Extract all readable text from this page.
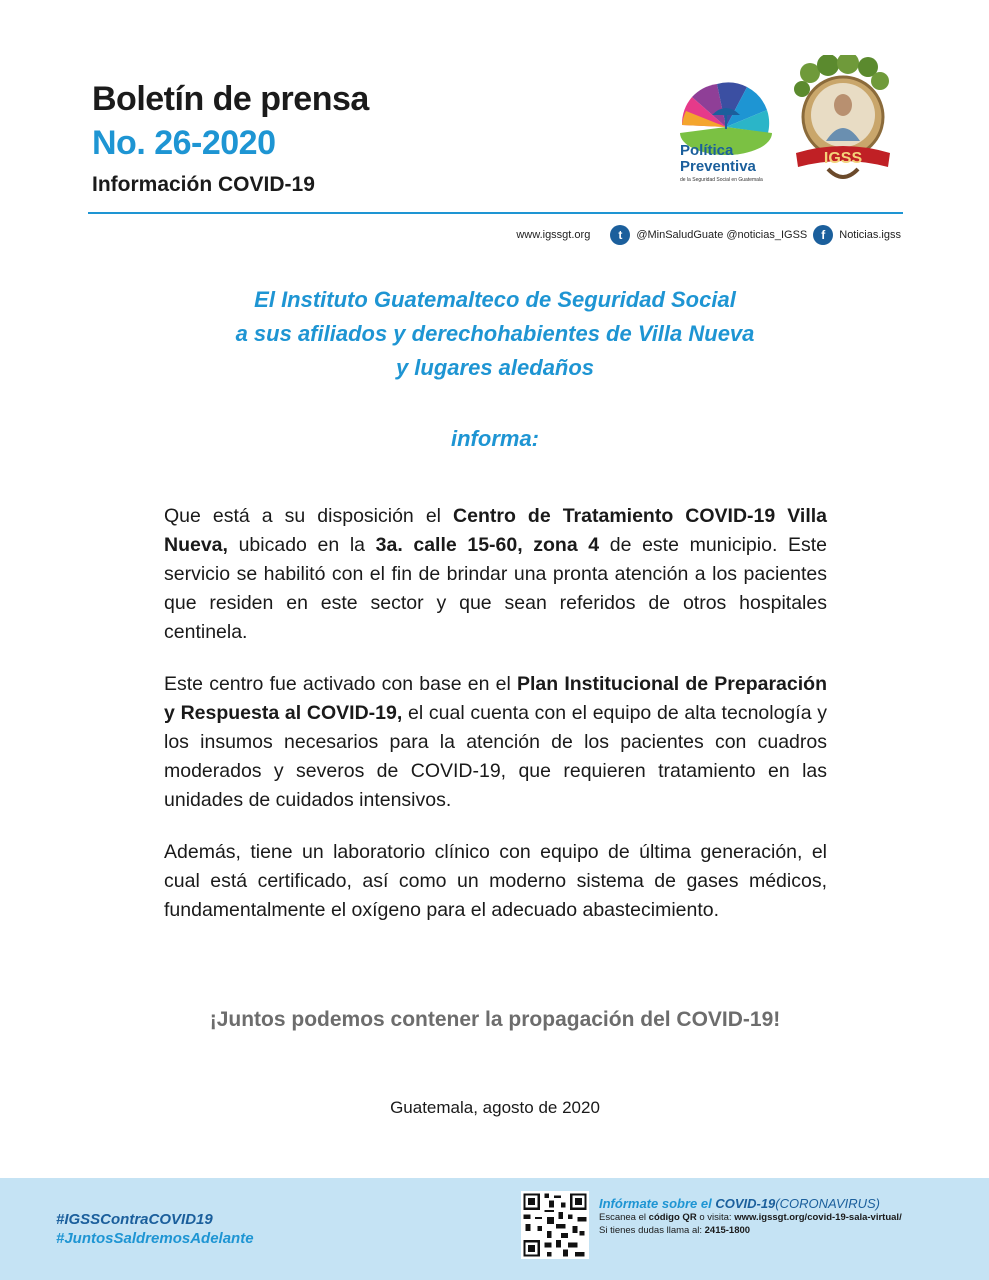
Boletín de prensa
No. 26-2020
Información COVID-19
Política
Preventiva
de la Seguridad Social en Guatemala
IGSS
www.igssgt.org	t	@MinSaludGuate @noticias_IGSS	f	Noticias.igss
El Instituto Guatemalteco de Seguridad Social
a sus afiliados y derechohabientes de Villa Nueva
y lugares aledaños
informa:
Que está a su disposición el Centro de Tratamiento COVID-19 Villa Nueva, ubicado en la 3a. calle 15-60, zona 4 de este municipio. Este servicio se habilitó con el fin de brindar una pronta atención a los pacientes que residen en este sector y que sean referidos de otros hospitales centinela.
Este centro fue activado con base en el Plan Institucional de Preparación y Respuesta al COVID-19, el cual cuenta con el equipo de alta tecnología y los insumos necesarios para la atención de los pacientes con cuadros moderados y severos de COVID-19, que requieren tratamiento en las unidades de cuidados intensivos.
Además, tiene un laboratorio clínico con equipo de última generación, el cual está certificado, así como un moderno sistema de gases médicos, fundamentalmente el oxígeno para el adecuado abastecimiento.
¡Juntos podemos contener la propagación del COVID-19!
Guatemala, agosto de 2020
#IGSSContraCOVID19
#JuntosSaldremosAdelante
Infórmate sobre el COVID-19(CORONAVIRUS)
Escanea el código QR o visita: www.igssgt.org/covid-19-sala-virtual/
Si tienes dudas llama al: 2415-1800
